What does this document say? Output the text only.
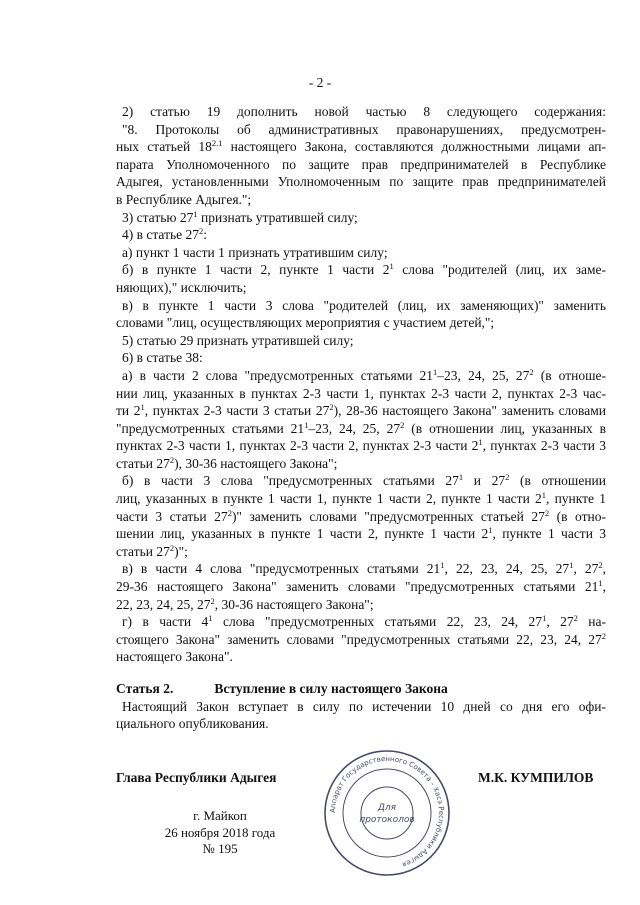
- 2 -
2) статью 19 дополнить новой частью 8 следующего содержания:
"8. Протоколы об административных правонарушениях, предусмотрен-
ных статьей $18^{2.1}$ настоящего Закона, составляются должностными лицами ап-
парата Уполномоченного по защите прав предпринимателей в Республике
Адыгея, установленными Уполномоченным по защите прав предпринимателей
в Республике Адыгея.";
3) статью $27^1$ признать утратившей силу;
4) в статье $27^2$:
а) пункт 1 части 1 признать утратившим силу;
б) в пункте 1 части 2, пункте 1 части $2^1$ слова "родителей (лиц, их заме-
няющих)," исключить;
в) в пункте 1 части 3 слова "родителей (лиц, их заменяющих)" заменить
словами "лиц, осуществляющих мероприятия с участием детей,";
5) статью 29 признать утратившей силу;
6) в статье 38:
а) в части 2 слова "предусмотренных статьями $21^1-23$, 24, 25, $27^2$ (в отноше-
нии лиц, указанных в пунктах 2-3 части 1, пунктах 2-3 части 2, пунктах 2-3 час-
ти $2^1$, пунктах 2-3 части 3 статьи $27^2$), 28-36 настоящего Закона" заменить словами
"предусмотренных статьями $21^1-23$, 24, 25, $27^2$ (в отношении лиц, указанных в
пунктах 2-3 части 1, пунктах 2-3 части 2, пунктах 2-3 части $2^1$, пунктах 2-3 части 3
статьи $27^2$), 30-36 настоящего Закона";
б) в части 3 слова "предусмотренных статьями $27^1$ и $27^2$ (в отношении
лиц, указанных в пункте 1 части 1, пункте 1 части 2, пункте 1 части $2^1$, пункте 1
части 3 статьи $27^2$)" заменить словами "предусмотренных статьей $27^2$ (в отно-
шении лиц, указанных в пункте 1 части 2, пункте 1 части $2^1$, пункте 1 части 3
статьи $27^2$)";
в) в части 4 слова "предусмотренных статьями $21^1$, 22, 23, 24, 25, $27^1$, $27^2$,
29-36 настоящего Закона" заменить словами "предусмотренных статьями $21^1$,
22, 23, 24, 25, $27^2$, 30-36 настоящего Закона";
г) в части $4^1$ слова "предусмотренных статьями 22, 23, 24, $27^1$, $27^2$ на-
стоящего Закона" заменить словами "предусмотренных статьями 22, 23, 24, $27^2$
настоящего Закона".
Статья 2.	Вступление в силу настоящего Закона
Настоящий Закон вступает в силу по истечении 10 дней со дня его офи-
циального опубликования.
Глава Республики Адыгея	М.К. КУМПИЛОВ
г. Майкоп
26 ноября 2018 года
№ 195
Аппарат Государственного Совета – Хасэ Республики Адыгея
Для
протоколов
